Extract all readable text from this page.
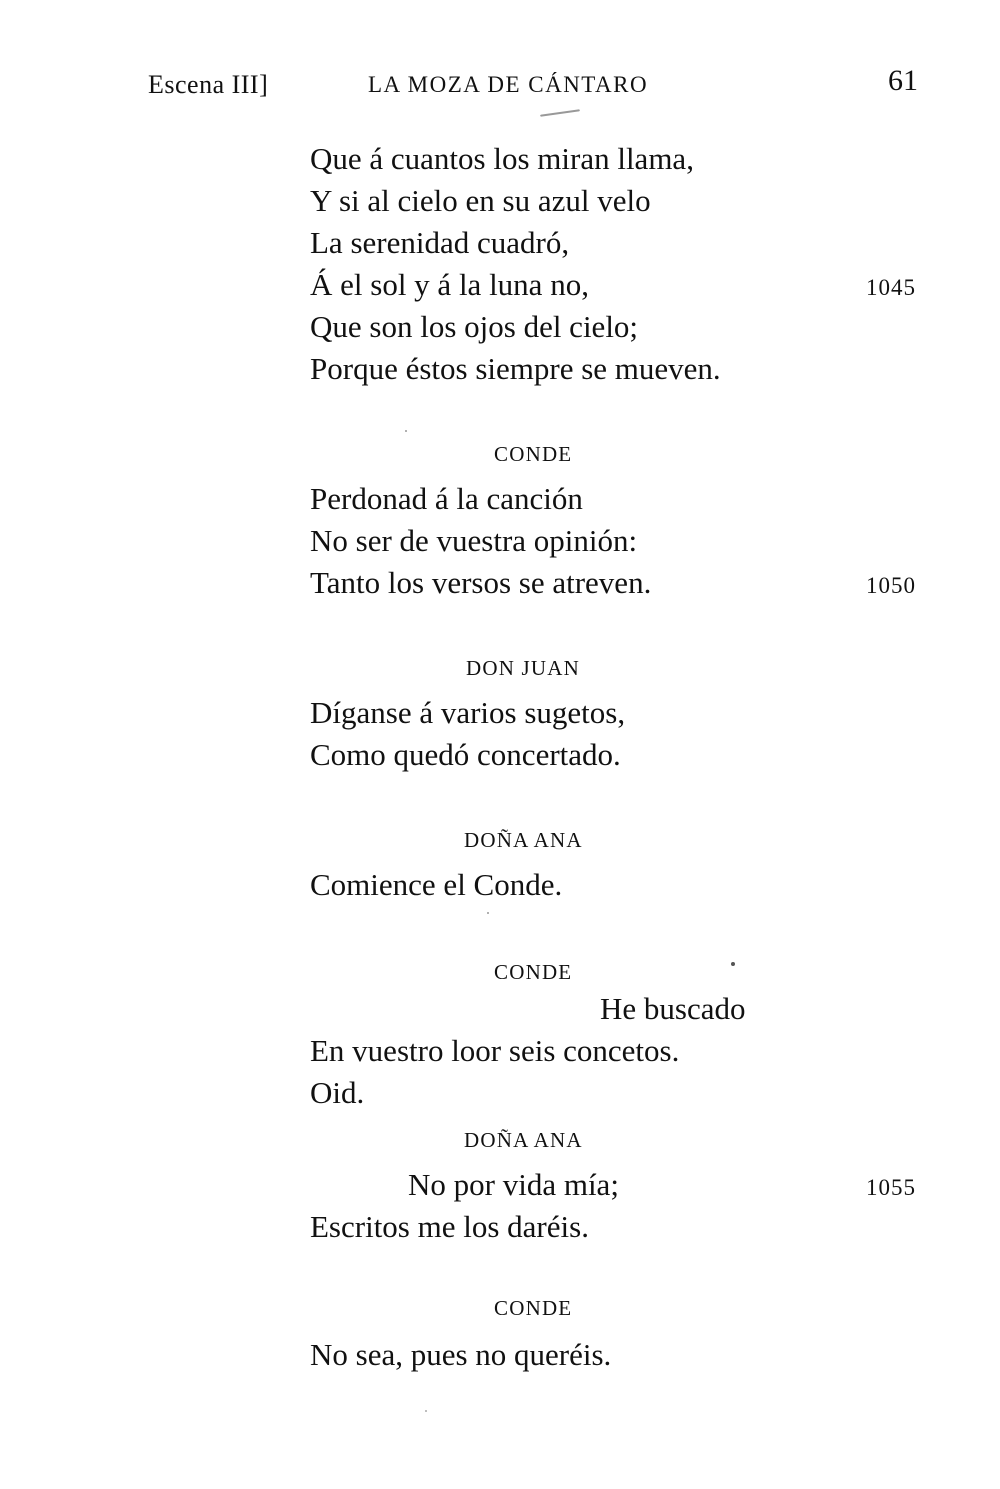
Escena III]	LA MOZA DE CÁNTARO	61
Que á cuantos los miran llama,
Y si al cielo en su azul velo
La serenidad cuadró,
Á el sol y á la luna no,	1045
Que son los ojos del cielo;
Porque éstos siempre se mueven.
CONDE
Perdonad á la canción
No ser de vuestra opinión:
Tanto los versos se atreven.	1050
DON JUAN
Díganse á varios sugetos,
Como quedó concertado.
DOÑA ANA
Comience el Conde.
CONDE
He buscado
En vuestro loor seis concetos.
Oid.
DOÑA ANA
No por vida mía;	1055
Escritos me los daréis.
CONDE
No sea, pues no queréis.
